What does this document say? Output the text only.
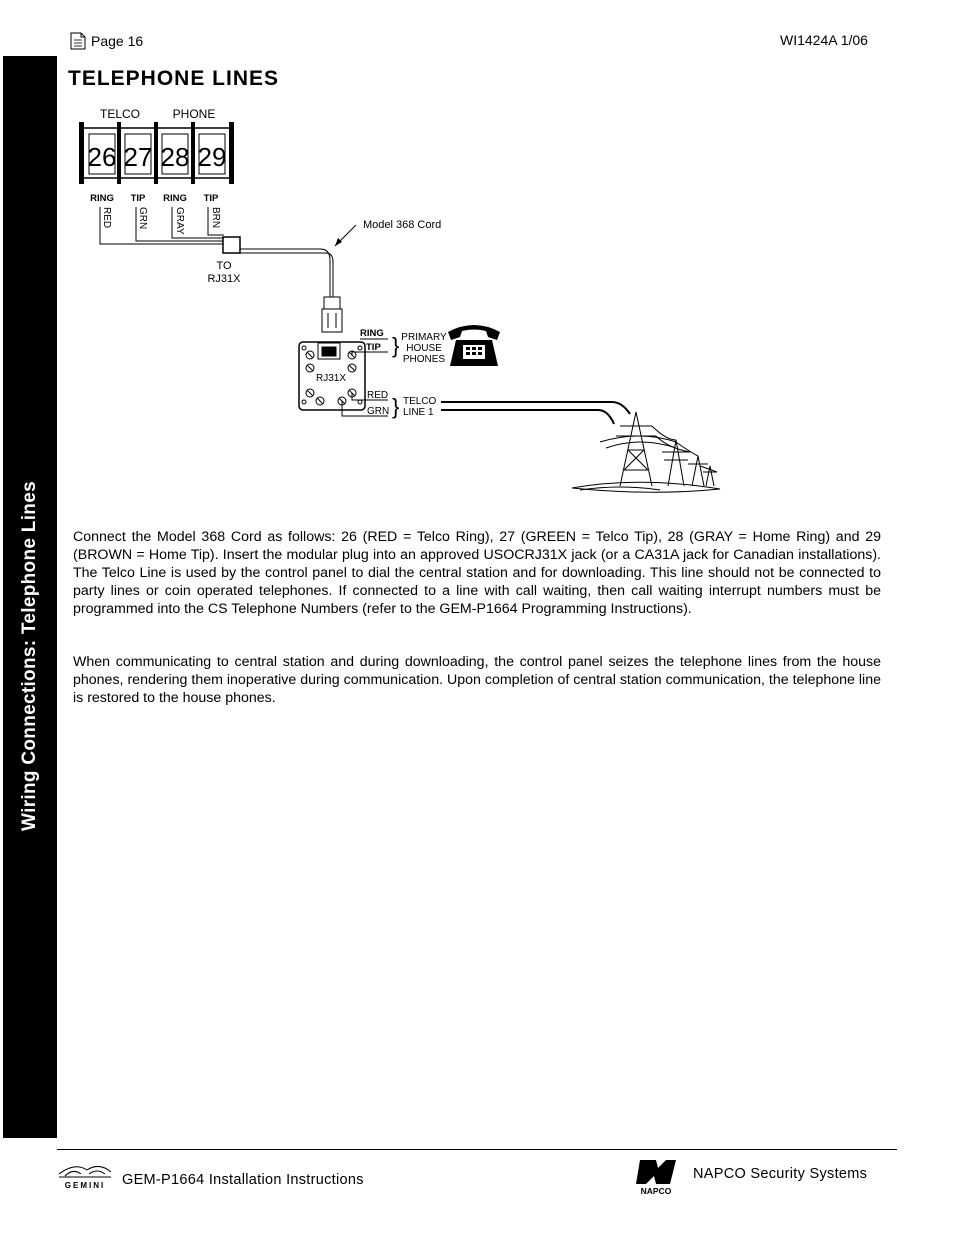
Page 16	WI1424A 1/06
Wiring Connections: Telephone Lines
TELEPHONE LINES
26 27 28 29
TELCO	PHONE
RING TIP RING TIP
RED	GRN	GRAY	BRN
TO
RJ31X
Model 368 Cord
RJ31X
RING
TIP } PRIMARY
HOUSE
PHONES
RED
GRN } TELCO
LINE 1

Connect the Model 368 Cord as follows: 26 (RED = Telco Ring), 27 (GREEN = Telco Tip), 28 (GRAY = Home Ring) and 29 (BROWN = Home Tip). Insert the modular plug into an approved USOCRJ31X jack (or a CA31A jack for Canadian installations). The Telco Line is used by the control panel to dial the central station and for downloading. This line should not be connected to party lines or coin operated telephones. If connected to a line with call waiting, then call waiting interrupt numbers must be programmed into the CS Telephone Numbers (refer to the GEM-P1664 Programming Instructions).

When communicating to central station and during downloading, the control panel seizes the telephone lines from the house phones, rendering them inoperative during communication. Upon completion of central station communication, the telephone line is restored to the house phones.

GEMINI GEM-P1664 Installation Instructions
NAPCO
NAPCO Security Systems
